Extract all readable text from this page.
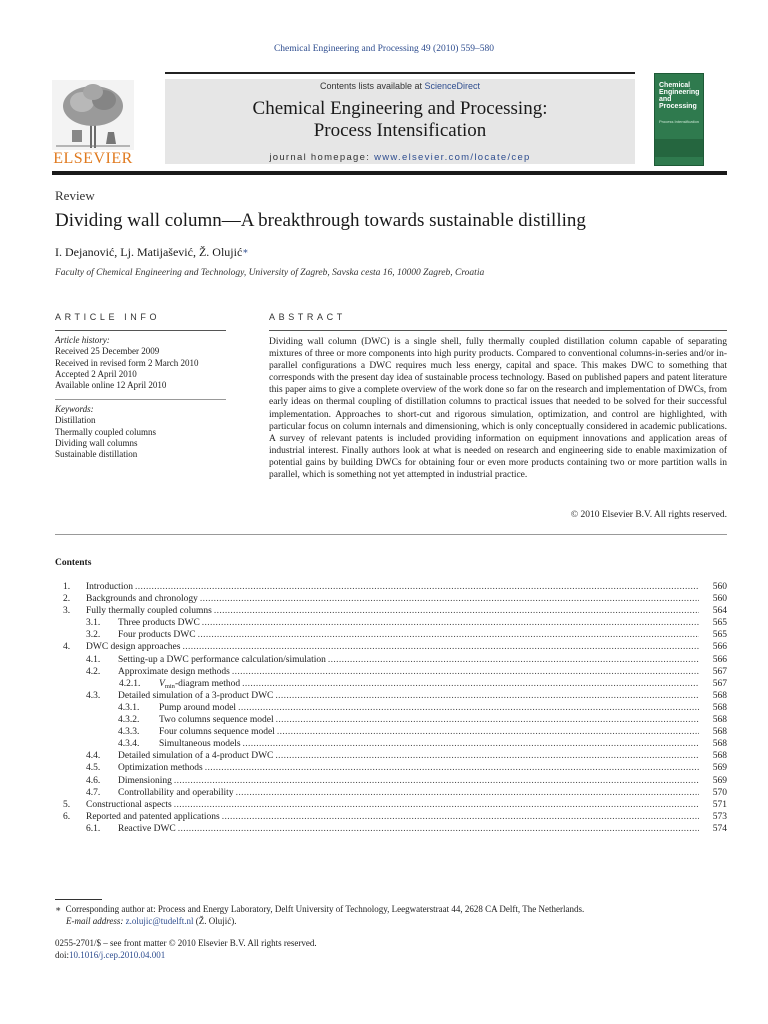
Chemical Engineering and Processing 49 (2010) 559–580
ELSEVIER
Contents lists available at ScienceDirect
Chemical Engineering and Processing:
Process Intensification
journal homepage: www.elsevier.com/locate/cep
Chemical Engineering and Processing
Process Intensification
Review
Dividing wall column—A breakthrough towards sustainable distilling
I. Dejanović, Lj. Matijašević, Ž. Olujić∗
Faculty of Chemical Engineering and Technology, University of Zagreb, Savska cesta 16, 10000 Zagreb, Croatia
ARTICLE INFO
Article history:
Received 25 December 2009
Received in revised form 2 March 2010
Accepted 2 April 2010
Available online 12 April 2010
Keywords:
Distillation
Thermally coupled columns
Dividing wall columns
Sustainable distillation
ABSTRACT
Dividing wall column (DWC) is a single shell, fully thermally coupled distillation column capable of separating mixtures of three or more components into high purity products. Compared to conventional columns-in-series and/or in-parallel configurations a DWC requires much less energy, capital and space. This makes DWC to something that corresponds with the present day idea of sustainable process technology. Based on published papers and patent literature this paper aims to give a complete overview of the work done so far on the research and implementation of DWCs, from early ideas on thermal coupling of distillation columns to practical issues that needed to be solved for their successful implementation. Approaches to short-cut and rigorous simulation, optimization, and control are highlighted, with particular focus on column internals and dimensioning, which is only conceptually considered in academic publications. A survey of relevant patents is included providing information on equipment innovations and application areas of industrial interest. Finally authors look at what is needed on research and engineering side to enable maximization of potential gains by building DWCs for obtaining four or even more products containing two or more partition walls in parallel, which is something not yet attempted in industrial practice.
© 2010 Elsevier B.V. All rights reserved.
Contents
1. Introduction . . .	560
2. Backgrounds and chronology . . .	560
3. Fully thermally coupled columns . . .	564
3.1. Three products DWC . . .	565
3.2. Four products DWC . . .	565
4. DWC design approaches . . .	566
4.1. Setting-up a DWC performance calculation/simulation . . .	566
4.2. Approximate design methods . . .	567
4.2.1. $V_{min}$-diagram method . . .	567
4.3. Detailed simulation of a 3-product DWC . . .	568
4.3.1. Pump around model . . .	568
4.3.2. Two columns sequence model . . .	568
4.3.3. Four columns sequence model . . .	568
4.3.4. Simultaneous models . . .	568
4.4. Detailed simulation of a 4-product DWC . . .	568
4.5. Optimization methods . . .	569
4.6. Dimensioning . . .	569
4.7. Controllability and operability . . .	570
5. Constructional aspects . . .	571
6. Reported and patented applications . . .	573
6.1. Reactive DWC . . .	574
∗ Corresponding author at: Process and Energy Laboratory, Delft University of Technology, Leegwaterstraat 44, 2628 CA Delft, The Netherlands.
E-mail address: z.olujic@tudelft.nl (Ž. Olujić).
0255-2701/$ – see front matter © 2010 Elsevier B.V. All rights reserved.
doi:10.1016/j.cep.2010.04.001
